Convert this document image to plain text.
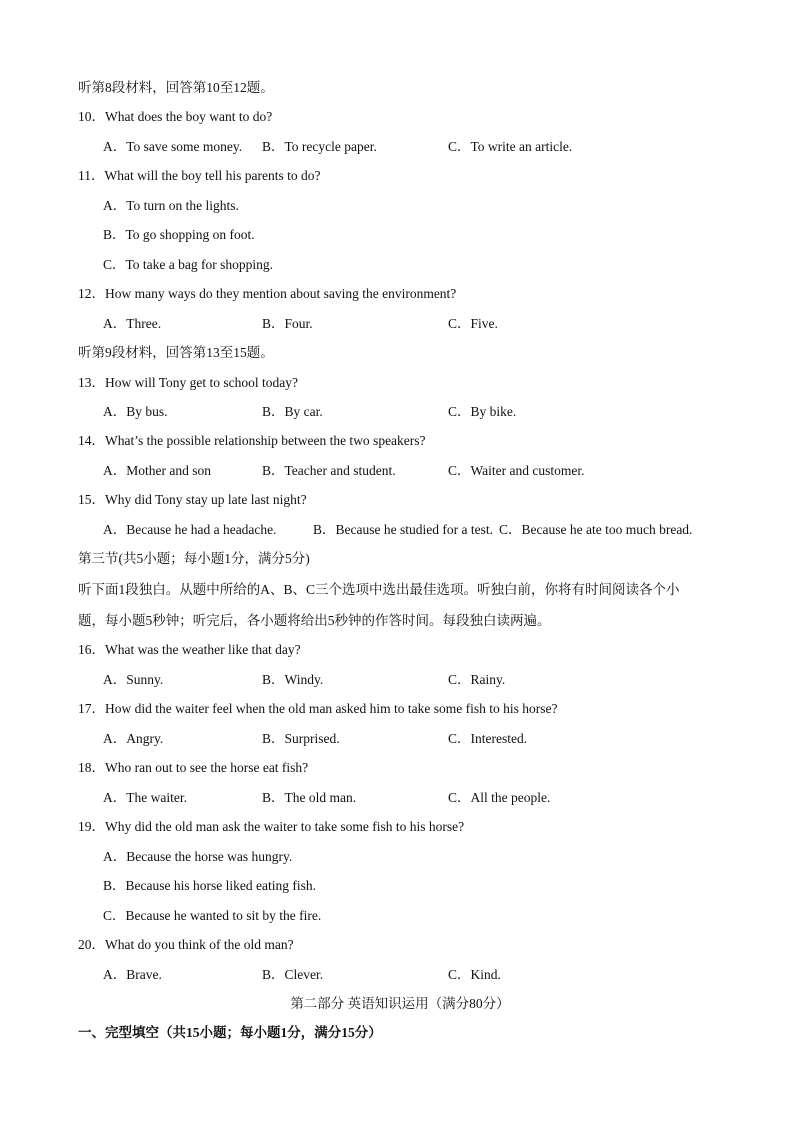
听第8段材料，回答第10至12题。
10．What does the boy want to do?
A．To save some money. B．To recycle paper.	C．To write an article.
11．What will the boy tell his parents to do?
A．To turn on the lights.
B．To go shopping on foot.
C．To take a bag for shopping.
12．How many ways do they mention about saving the environment?
A．Three.	B．Four.	C．Five.
听第9段材料，回答第13至15题。
13．How will Tony get to school today?
A．By bus.	B．By car.	C．By bike.
14．What’s the possible relationship between the two speakers?
A．Mother and son	B．Teacher and student.	C．Waiter and customer.
15．Why did Tony stay up late last night?
A．Because he had a headache.	B．Because he studied for a test. C．Because he ate too much bread.
第三节(共5小题；每小题1分，满分5分)
听下面1段独白。从题中所给的A、B、C三个选项中选出最佳选项。听独白前，你将有时间阅读各个小
题，每小题5秒钟；听完后，各小题将给出5秒钟的作答时间。每段独白读两遍。
16．What was the weather like that day?
A．Sunny.	B．Windy.	C．Rainy.
17．How did the waiter feel when the old man asked him to take some fish to his horse?
A．Angry.	B．Surprised.	C．Interested.
18．Who ran out to see the horse eat fish?
A．The waiter.	B．The old man.	C．All the people.
19．Why did the old man ask the waiter to take some fish to his horse?
A．Because the horse was hungry.
B．Because his horse liked eating fish.
C．Because he wanted to sit by the fire.
20．What do you think of the old man?
A．Brave.	B．Clever.	C．Kind.
第二部分 英语知识运用（满分80分）
一、完型填空（共15小题；每小题1分，满分15分）
